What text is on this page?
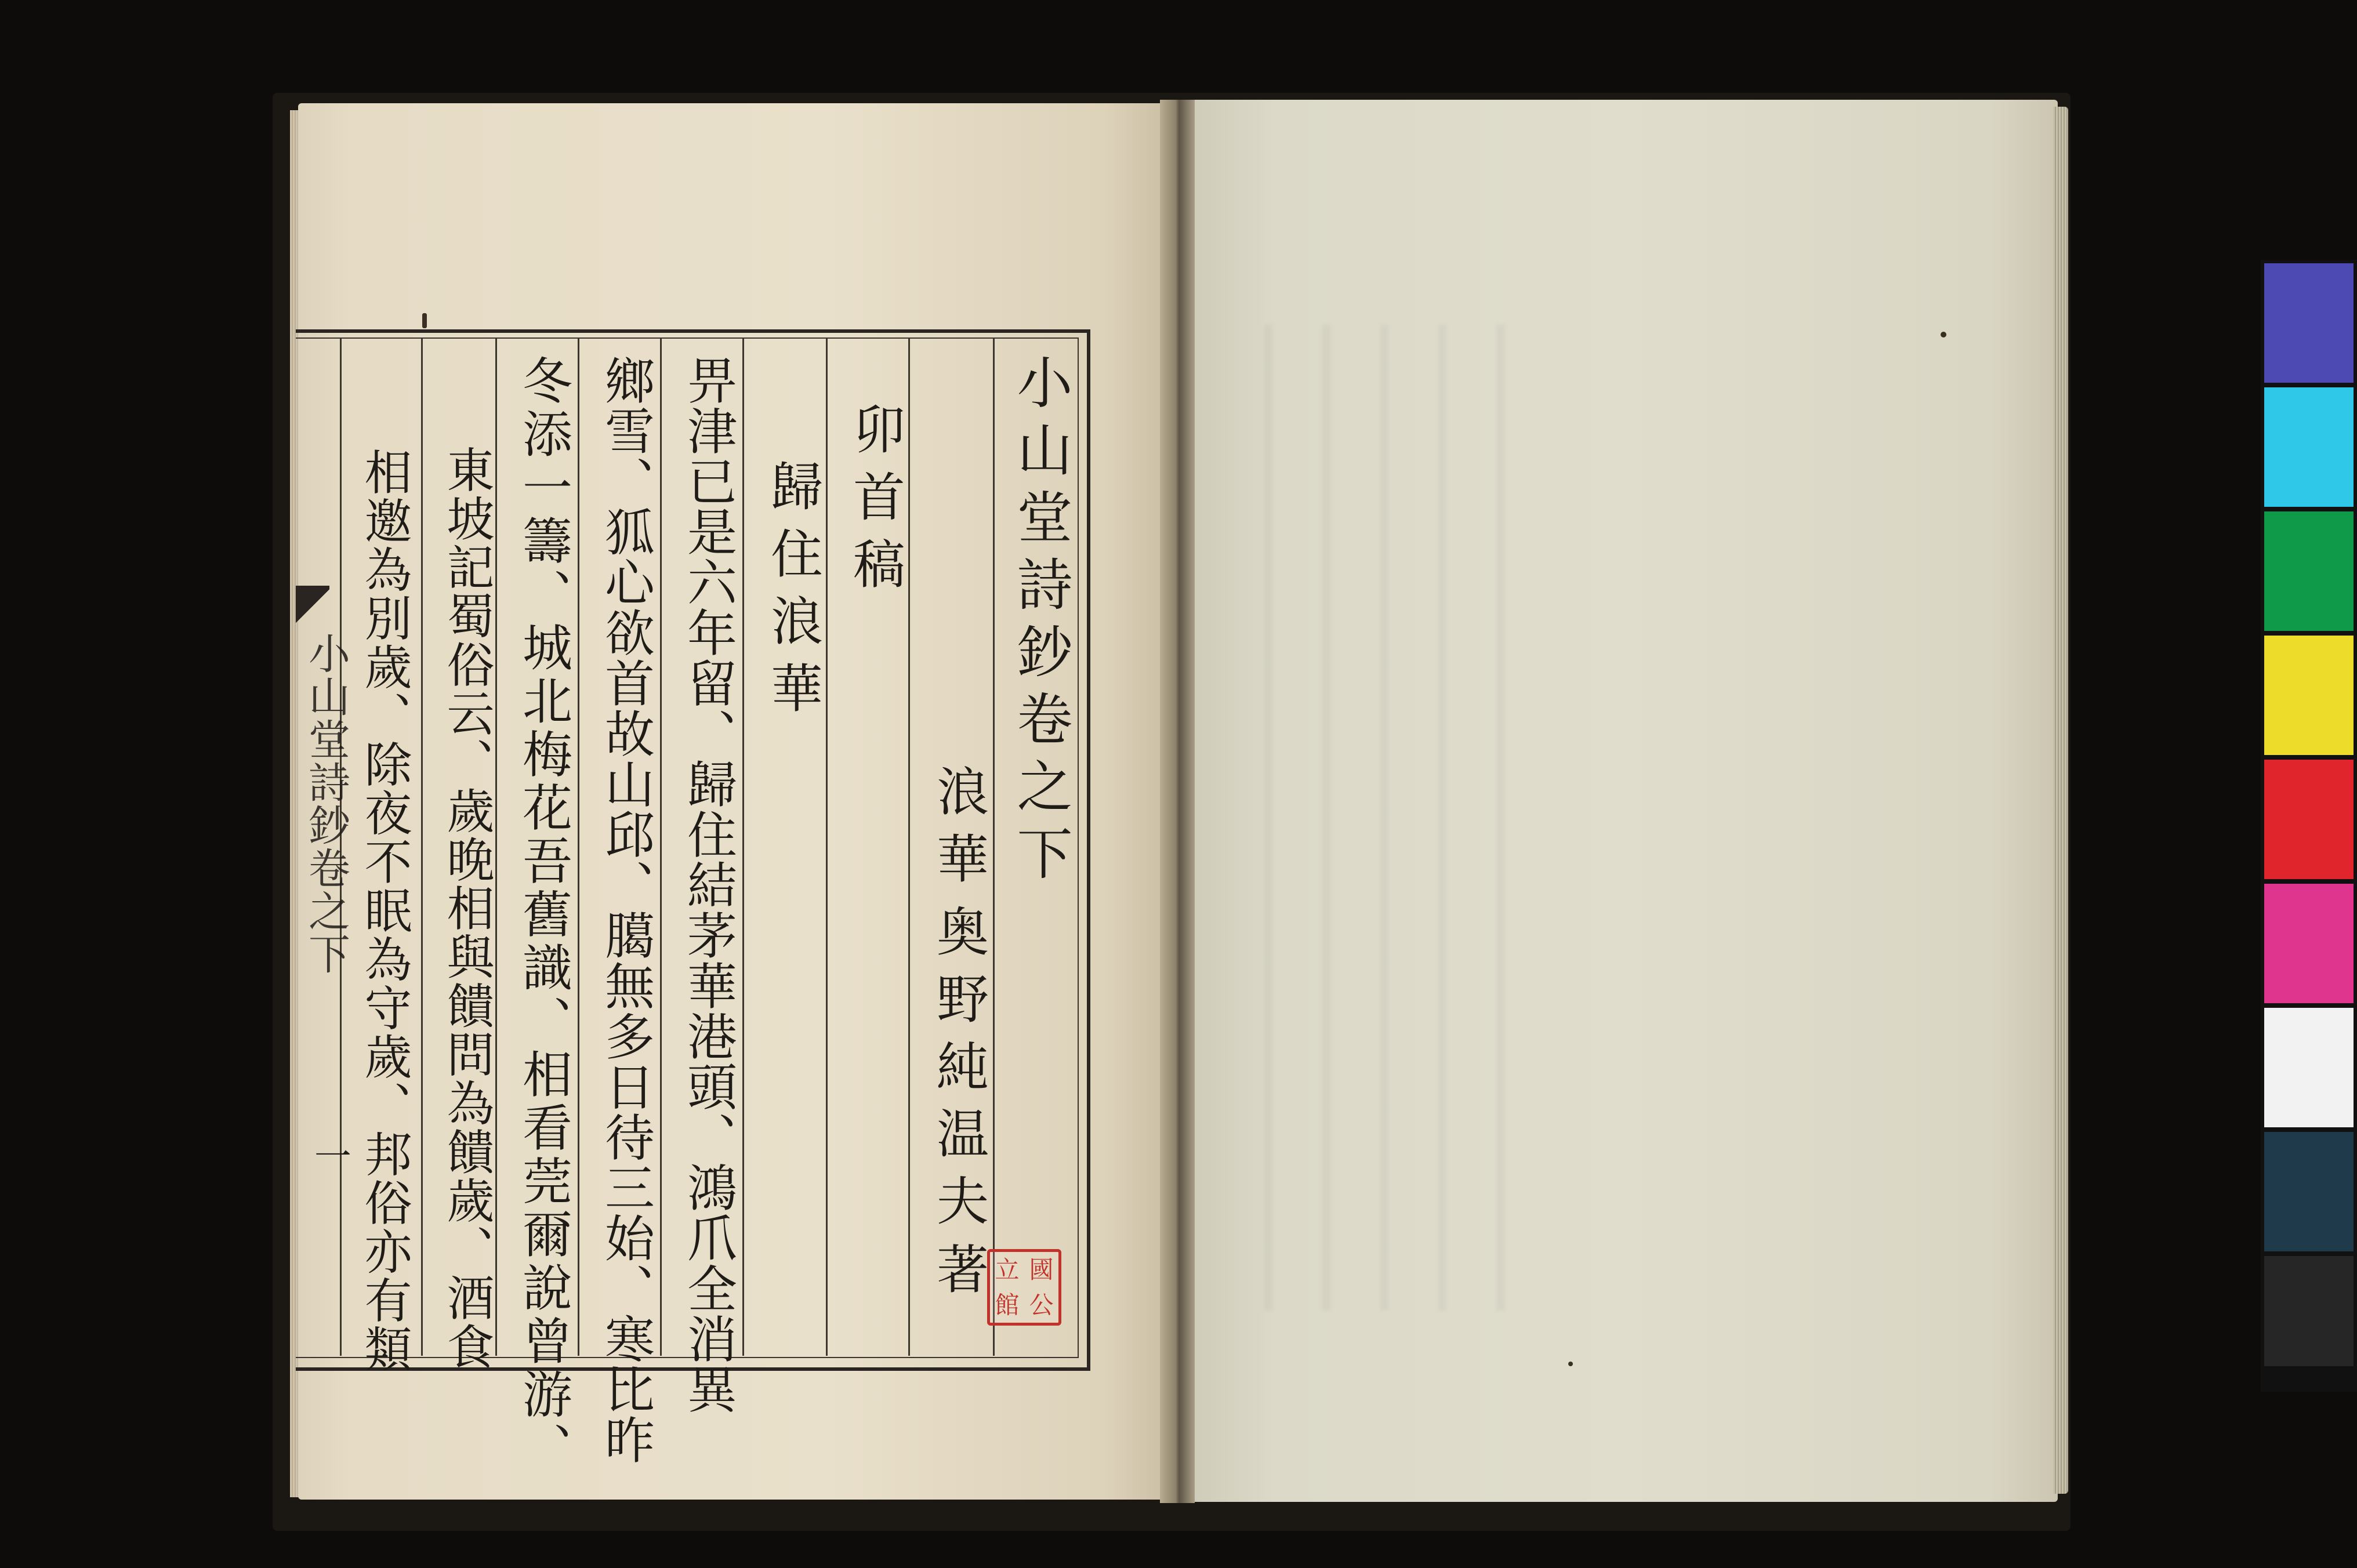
小山堂詩鈔卷之下
一
小山堂詩鈔卷之下
浪華
奥野純温夫
著
卯首稿
歸住浪華
畀津已是六年留、歸住結茅華港頭、鴻爪全消異
鄉雪、狐心欲首故山邱、臈無多日待三始、寒比昨
冬添一籌、城北梅花吾舊識、相看莞爾說曾游、
東坡記蜀俗云、歲晚相與饋問為饋歲、酒食
相邀為別歲、除夜不眠為守歲、邦俗亦有類	立 國
館 公
